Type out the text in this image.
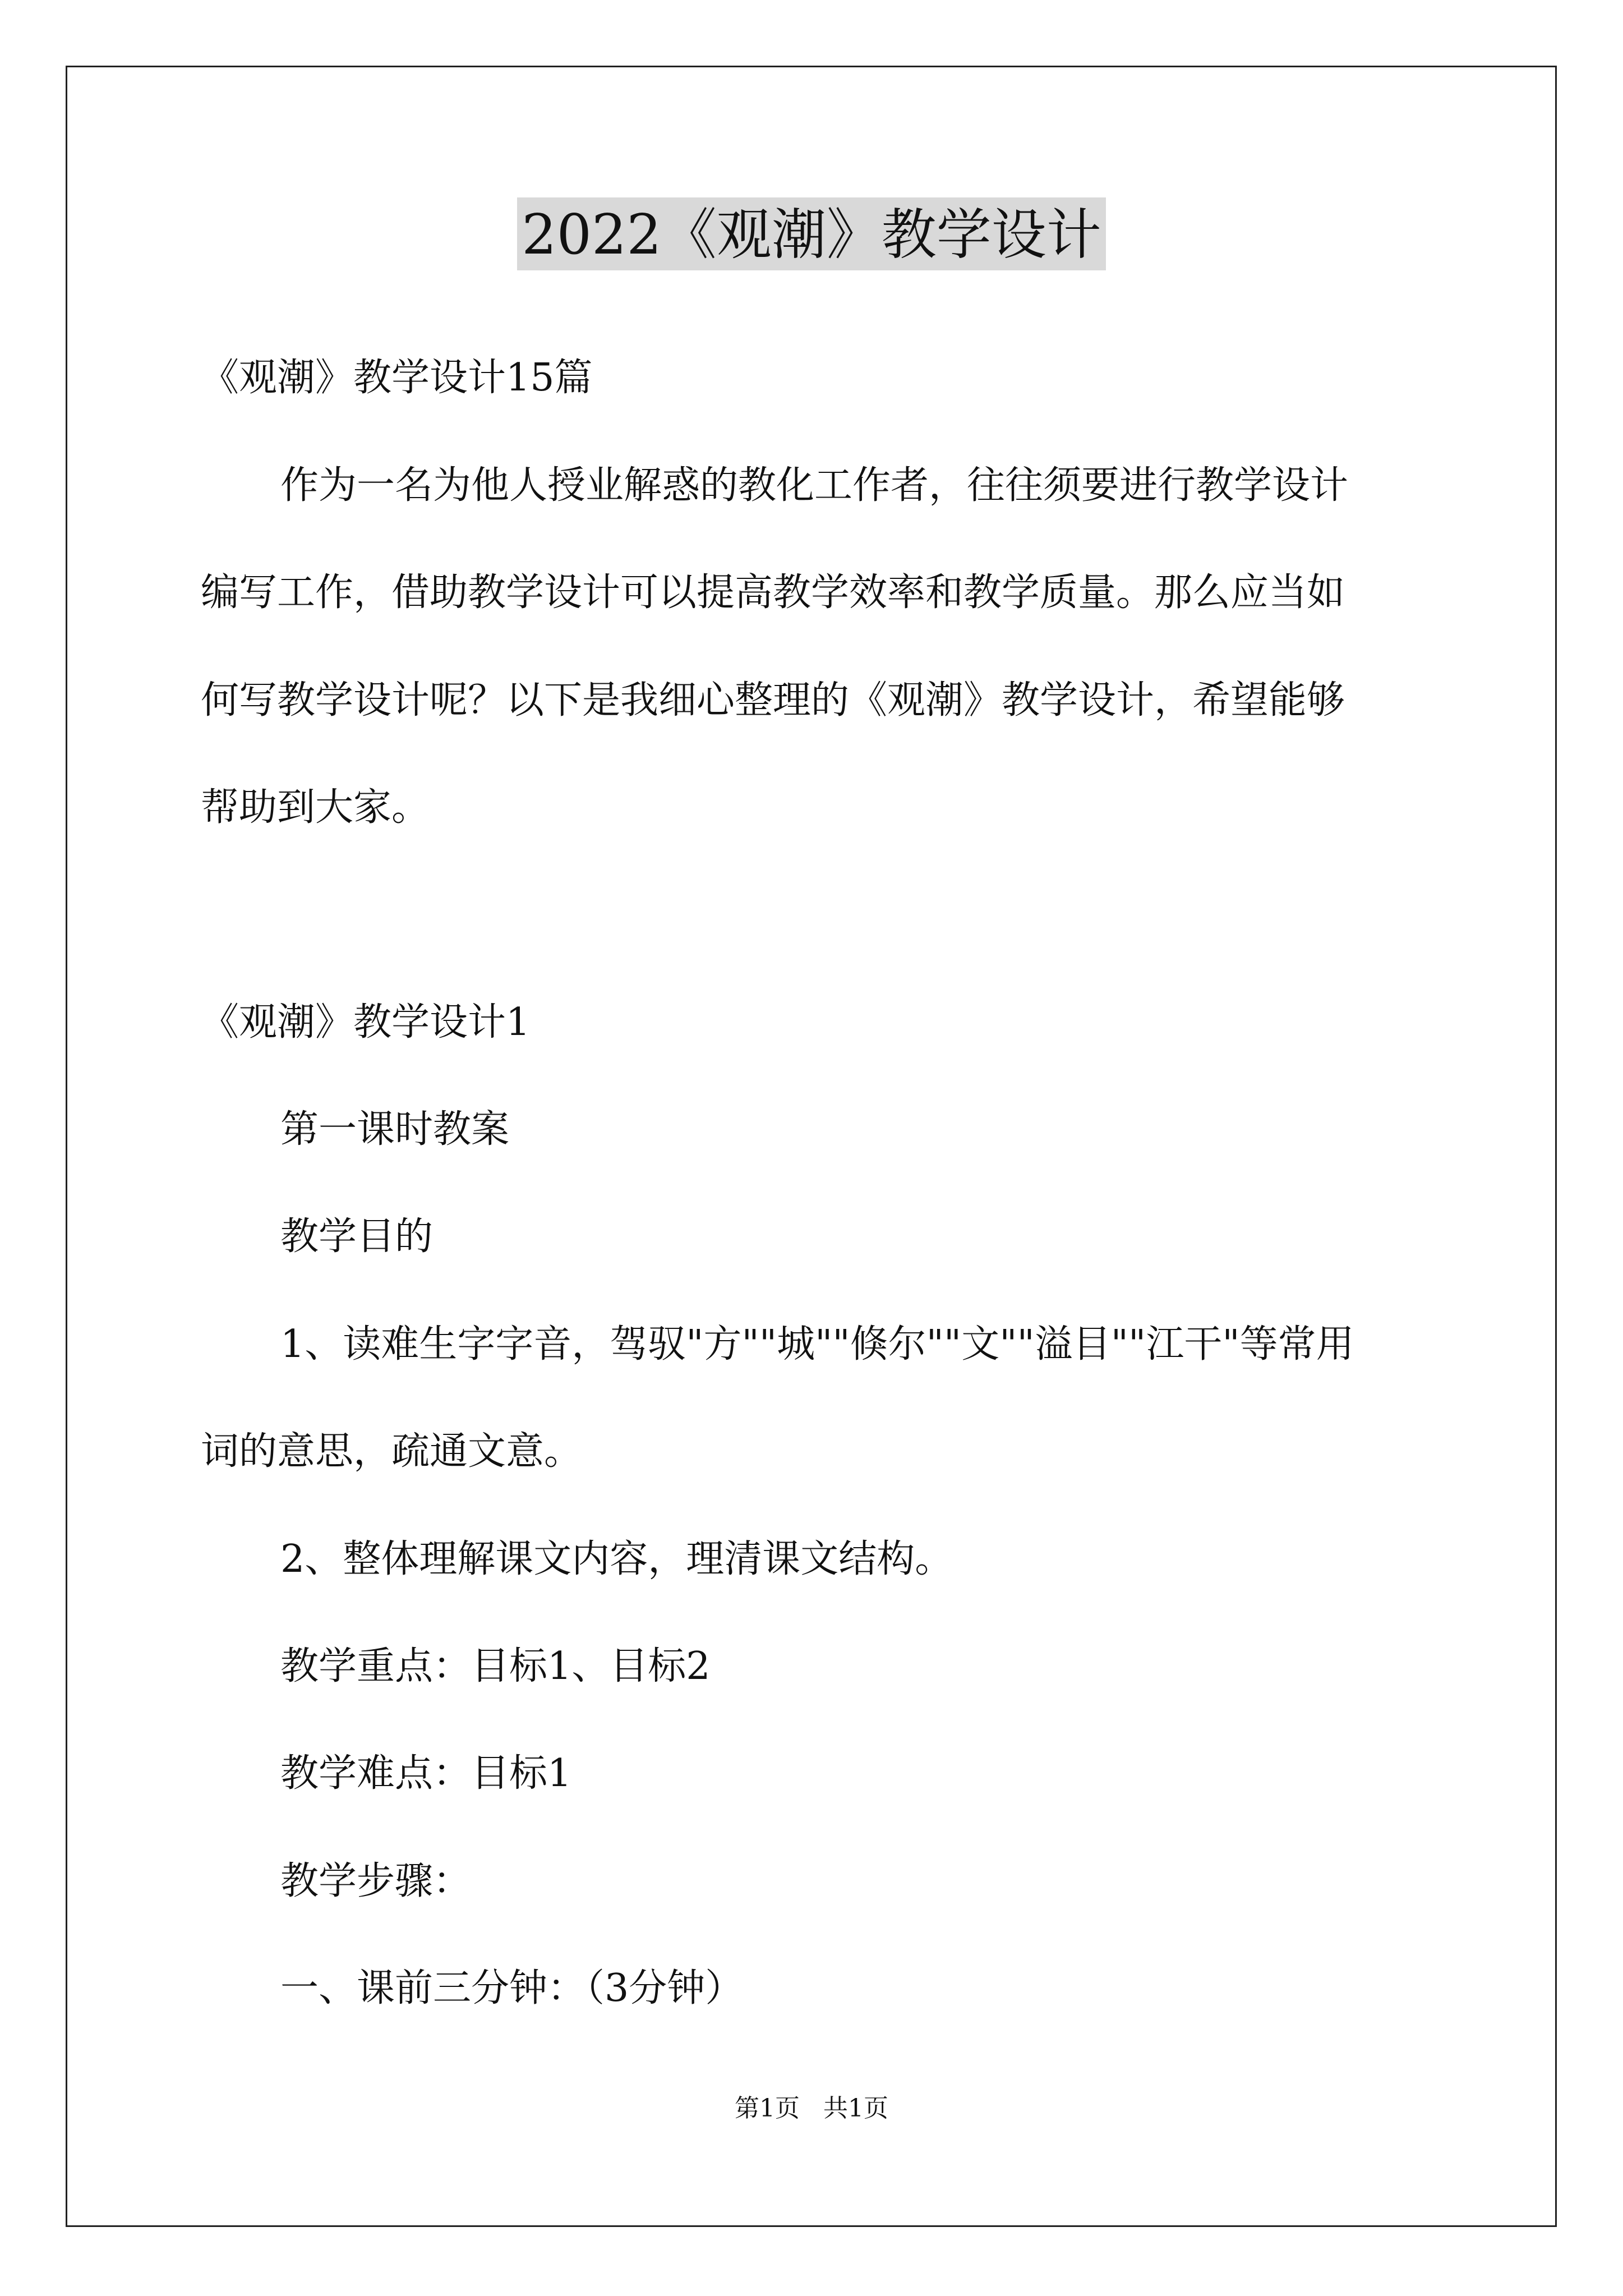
2022《观潮》教学设计
《观潮》教学设计15篇
作为一名为他人授业解惑的教化工作者，往往须要进行教学设计
编写工作，借助教学设计可以提高教学效率和教学质量。那么应当如
何写教学设计呢？以下是我细心整理的《观潮》教学设计，希望能够
帮助到大家。
《观潮》教学设计1
第一课时教案
教学目的
1、读难生字字音，驾驭"方""城""倏尔""文""溢目""江干"等常用
词的意思，疏通文意。
2、整体理解课文内容，理清课文结构。
教学重点：目标1、目标2
教学难点：目标1
教学步骤：
一、课前三分钟：（3分钟）
第1页   共1页
